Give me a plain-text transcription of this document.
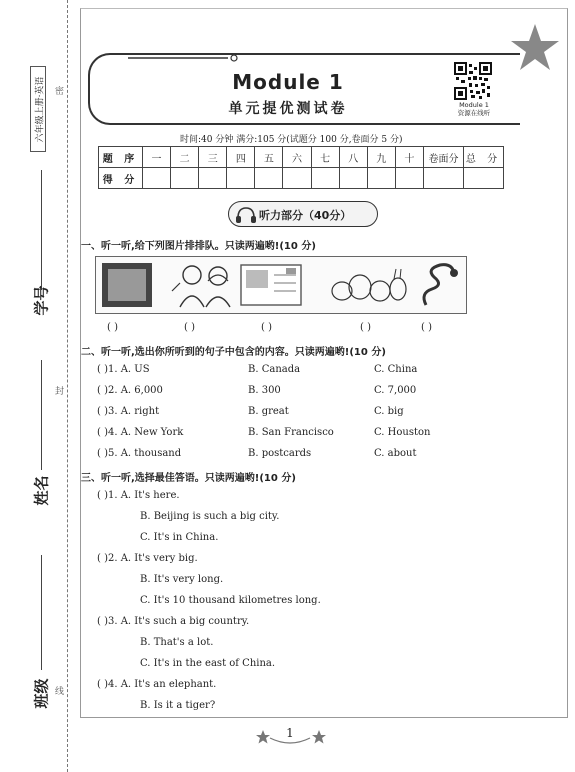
六年级上册·英语
学号
姓名
班级
密
封
线
Module 1
单元提优测试卷	Module 1
资源在线听
时间:40 分钟 满分:105 分(试题分 100 分,卷面分 5 分)
题 序	一	二	三	四	五	六	七	八	九	十	卷面分	总 分
得 分												
听力部分（40分）
一、听一听,给下列图片排排队。只读两遍哟!(10 分)
( )	( )	( )	( )	( )
二、听一听,选出你所听到的句子中包含的内容。只读两遍哟!(10 分)
( )1. A. US	B. Canada	C. China
( )2. A. 6,000	B. 300	C. 7,000
( )3. A. right	B. great	C. big
( )4. A. New York	B. San Francisco	C. Houston
( )5. A. thousand	B. postcards	C. about
三、听一听,选择最佳答语。只读两遍哟!(10 分)
( )1. A. It's here.
B. Beijing is such a big city.
C. It's in China.
( )2. A. It's very big.
B. It's very long.
C. It's 10 thousand kilometres long.
( )3. A. It's such a big country.
B. That's a lot.
C. It's in the east of China.
( )4. A. It's an elephant.
B. Is it a tiger?
1
